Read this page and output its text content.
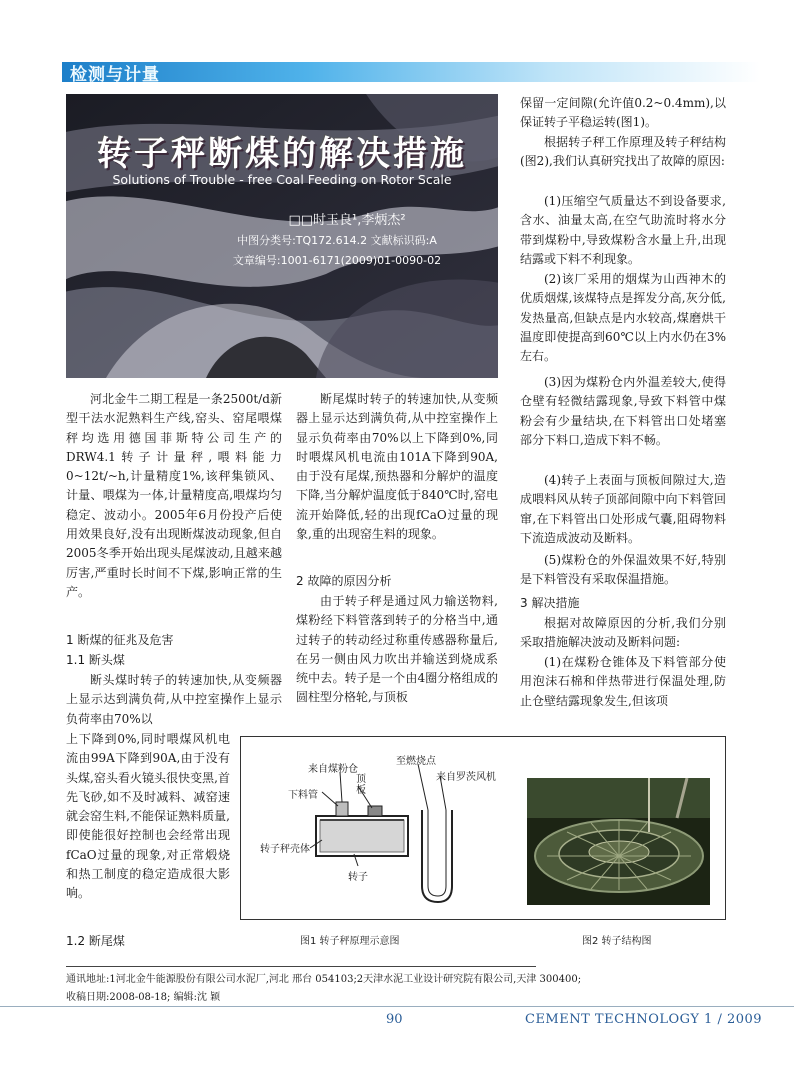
检测与计量
转子秤断煤的解决措施
Solutions of Trouble - free Coal Feeding on Rotor Scale
□□时玉良¹,李炳杰²
中图分类号:TQ172.614.2 文献标识码:A
文章编号:1001-6171(2009)01-0090-02

河北金牛二期工程是一条2500t/d新型干法水泥熟料生产线,窑头、窑尾喂煤秤均选用德国菲斯特公司生产的DRW4.1转子计量秤,喂料能力0~12t/~h,计量精度1%,该秤集锁风、计量、喂煤为一体,计量精度高,喂煤均匀稳定、波动小。2005年6月份投产后使用效果良好,没有出现断煤波动现象,但自2005冬季开始出现头尾煤波动,且越来越厉害,严重时长时间不下煤,影响正常的生产。

1 断煤的征兆及危害
1.1 断头煤

断头煤时转子的转速加快,从变频器上显示达到满负荷,从中控室操作上显示负荷率由70%以

上下降到0%,同时喂煤风机电流由99A下降到90A,由于没有头煤,窑头看火镜头很快变黑,首先飞砂,如不及时减料、减窑速就会窑生料,不能保证熟料质量,即使能很好控制也会经常出现fCaO过量的现象,对正常煅烧和热工制度的稳定造成很大影响。

1.2 断尾煤

断尾煤时转子的转速加快,从变频器上显示达到满负荷,从中控室操作上显示负荷率由70%以上下降到0%,同时喂煤风机电流由101A下降到90A,由于没有尾煤,预热器和分解炉的温度下降,当分解炉温度低于840℃时,窑电流开始降低,轻的出现fCaO过量的现象,重的出现窑生料的现象。

2 故障的原因分析

由于转子秤是通过风力输送物料,煤粉经下料管落到转子的分格当中,通过转子的转动经过称重传感器称量后,在另一侧由风力吹出并输送到烧成系统中去。转子是一个由4圈分格组成的圆柱型分格轮,与顶板

保留一定间隙(允许值0.2~0.4mm),以保证转子平稳运转(图1)。

根据转子秤工作原理及转子秤结构(图2),我们认真研究找出了故障的原因:

(1)压缩空气质量达不到设备要求,含水、油量太高,在空气助流时将水分带到煤粉中,导致煤粉含水量上升,出现结露或下料不利现象。

(2)该厂采用的烟煤为山西神木的优质烟煤,该煤特点是挥发分高,灰分低,发热量高,但缺点是内水较高,煤磨烘干温度即使提高到60℃以上内水仍在3%左右。

(3)因为煤粉仓内外温差较大,使得仓壁有轻微结露现象,导致下料管中煤粉会有少量结块,在下料管出口处堵塞部分下料口,造成下料不畅。

(4)转子上表面与顶板间隙过大,造成喂料风从转子顶部间隙中向下料管回窜,在下料管出口处形成气囊,阻碍物料下流造成波动及断料。

(5)煤粉仓的外保温效果不好,特别是下料管没有采取保温措施。

3 解决措施

根据对故障原因的分析,我们分别采取措施解决波动及断料问题:

(1)在煤粉仓锥体及下料管部分使用泡沫石棉和伴热带进行保温处理,防止仓壁结露现象发生,但该项

来自煤粉仓
至燃烧点
来自罗茨风机
下料管
顶板
转子秤壳体
转子
图1 转子秤原理示意图	图2 转子结构图
通讯地址:1河北金牛能源股份有限公司水泥厂,河北 邢台 054103;2天津水泥工业设计研究院有限公司,天津 300400;
收稿日期:2008-08-18; 编辑:沈 颖
90	CEMENT TECHNOLOGY 1 / 2009
